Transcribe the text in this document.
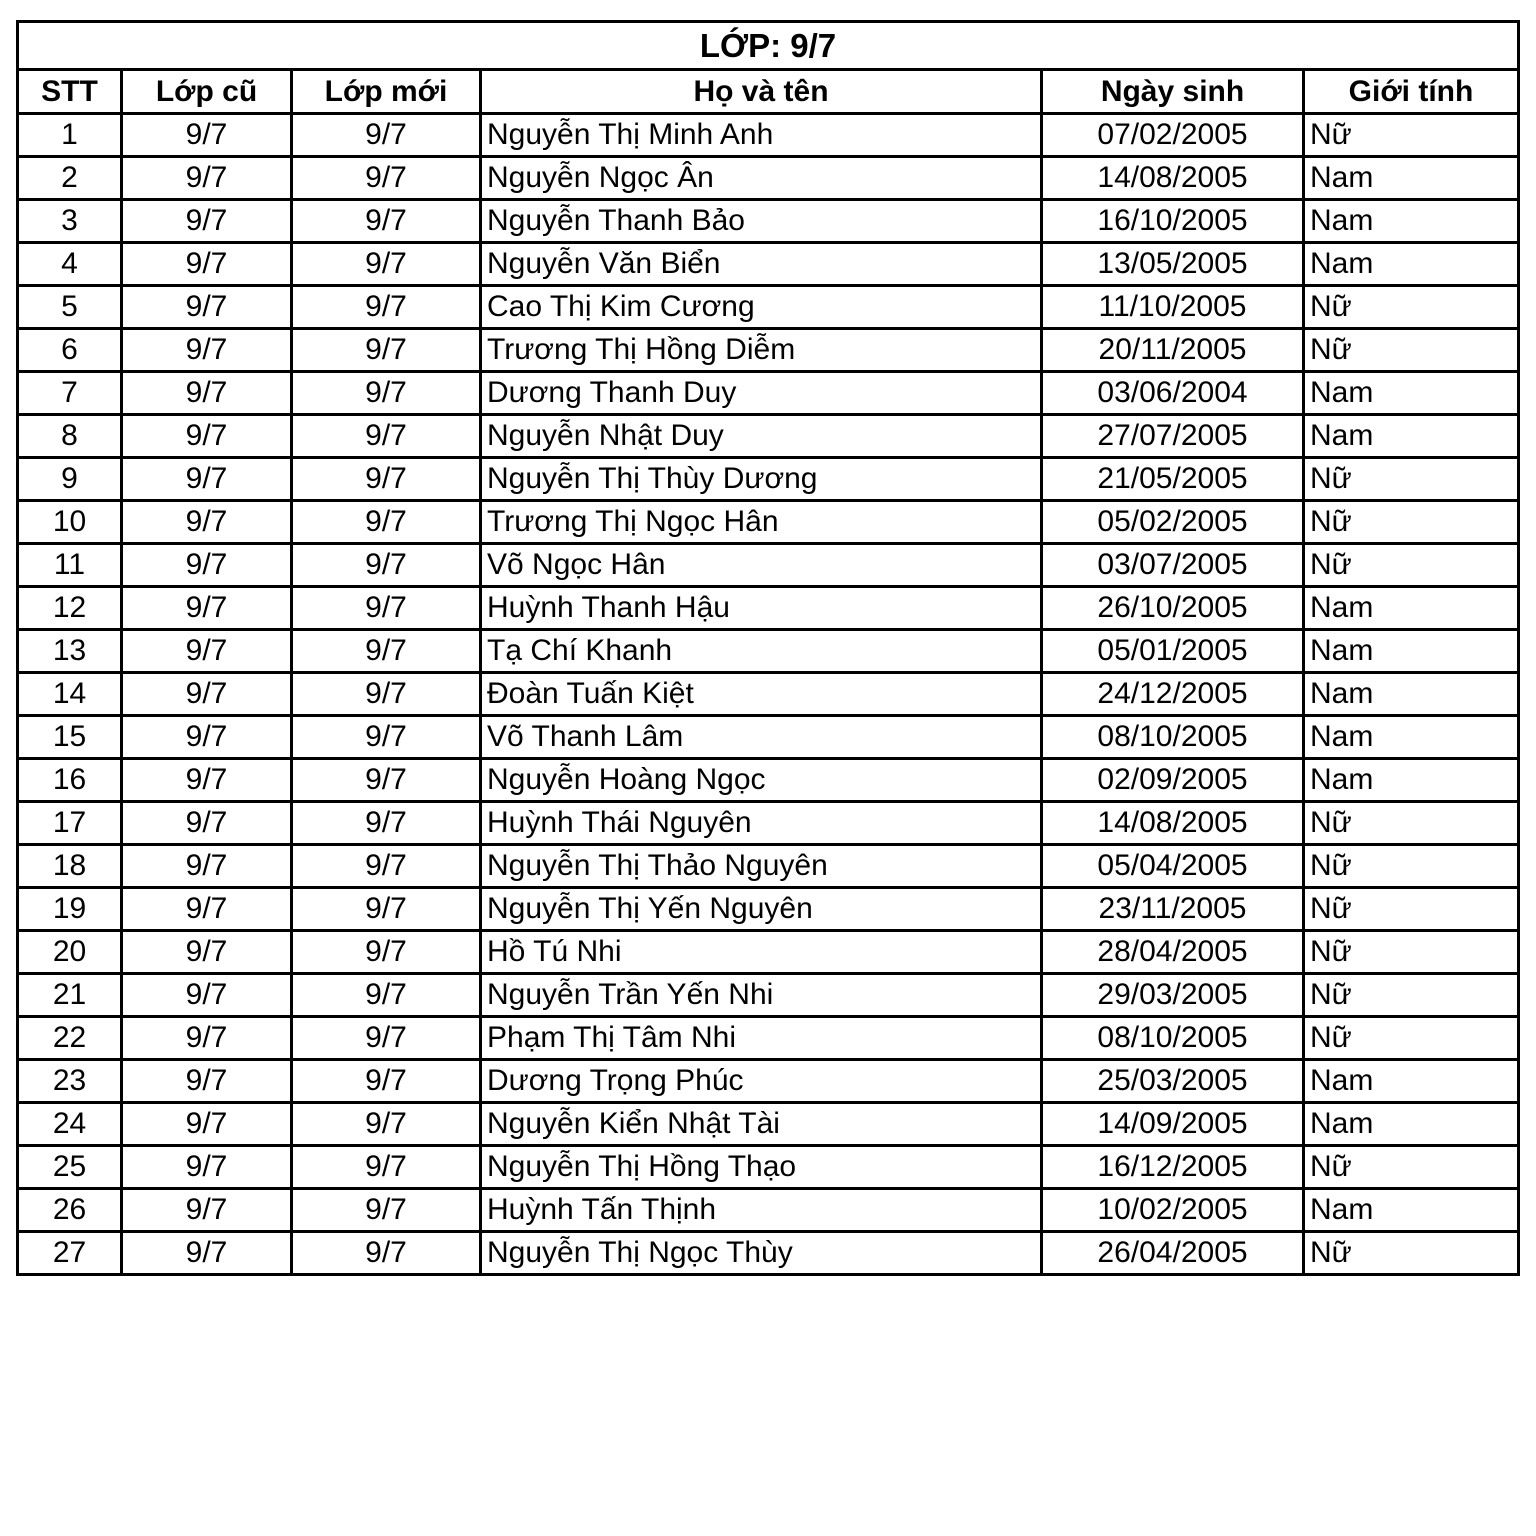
LỚP: 9/7					
STT	Lớp cũ	Lớp mới	Họ và tên	Ngày sinh	Giới tính
1	9/7	9/7	Nguyễn Thị Minh Anh	07/02/2005	Nữ
2	9/7	9/7	Nguyễn Ngọc Ân	14/08/2005	Nam
3	9/7	9/7	Nguyễn Thanh Bảo	16/10/2005	Nam
4	9/7	9/7	Nguyễn Văn Biển	13/05/2005	Nam
5	9/7	9/7	Cao Thị Kim Cương	11/10/2005	Nữ
6	9/7	9/7	Trương Thị Hồng Diễm	20/11/2005	Nữ
7	9/7	9/7	Dương Thanh Duy	03/06/2004	Nam
8	9/7	9/7	Nguyễn Nhật Duy	27/07/2005	Nam
9	9/7	9/7	Nguyễn Thị Thùy Dương	21/05/2005	Nữ
10	9/7	9/7	Trương Thị Ngọc Hân	05/02/2005	Nữ
11	9/7	9/7	Võ Ngọc Hân	03/07/2005	Nữ
12	9/7	9/7	Huỳnh Thanh Hậu	26/10/2005	Nam
13	9/7	9/7	Tạ Chí Khanh	05/01/2005	Nam
14	9/7	9/7	Đoàn Tuấn Kiệt	24/12/2005	Nam
15	9/7	9/7	Võ Thanh Lâm	08/10/2005	Nam
16	9/7	9/7	Nguyễn Hoàng Ngọc	02/09/2005	Nam
17	9/7	9/7	Huỳnh Thái Nguyên	14/08/2005	Nữ
18	9/7	9/7	Nguyễn Thị Thảo Nguyên	05/04/2005	Nữ
19	9/7	9/7	Nguyễn Thị Yến Nguyên	23/11/2005	Nữ
20	9/7	9/7	Hồ Tú Nhi	28/04/2005	Nữ
21	9/7	9/7	Nguyễn Trần Yến Nhi	29/03/2005	Nữ
22	9/7	9/7	Phạm Thị Tâm Nhi	08/10/2005	Nữ
23	9/7	9/7	Dương Trọng Phúc	25/03/2005	Nam
24	9/7	9/7	Nguyễn Kiển Nhật Tài	14/09/2005	Nam
25	9/7	9/7	Nguyễn Thị Hồng Thạo	16/12/2005	Nữ
26	9/7	9/7	Huỳnh Tấn Thịnh	10/02/2005	Nam
27	9/7	9/7	Nguyễn Thị Ngọc Thùy	26/04/2005	Nữ
